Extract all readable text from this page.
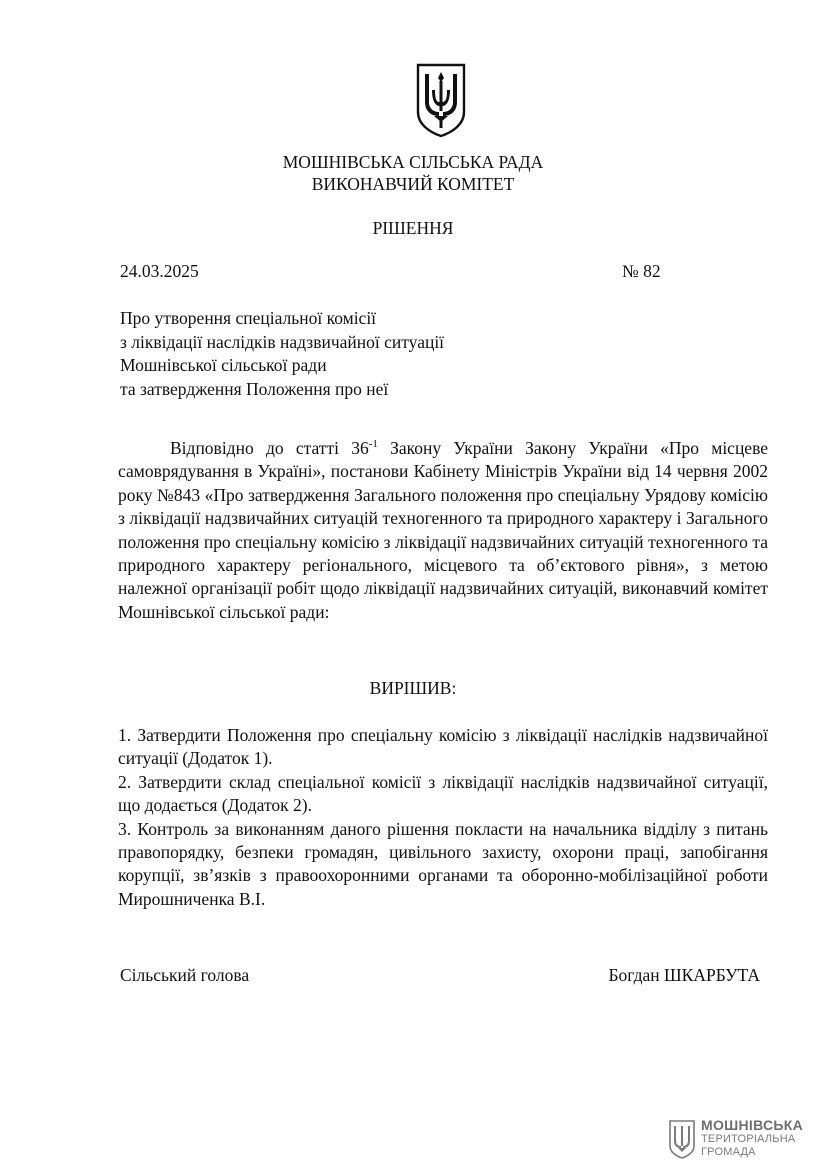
МОШНІВСЬКА СІЛЬСЬКА РАДА
ВИКОНАВЧИЙ КОМІТЕТ
РІШЕННЯ
24.03.2025	№ 82
Про утворення спеціальної комісії
з ліквідації наслідків надзвичайної ситуації
Мошнівської сільської ради
та затвердження Положення про неї
Відповідно до статті $36^{-1}$ Закону України Закону України «Про місцеве самоврядування в Україні», постанови Кабінету Міністрів України від 14 червня 2002 року №843 «Про затвердження Загального положення про спеціальну Урядову комісію з ліквідації надзвичайних ситуацій техногенного та природного характеру і Загального положення про спеціальну комісію з ліквідації надзвичайних ситуацій техногенного та природного характеру регіонального, місцевого та об’єктового рівня», з метою належної організації робіт щодо ліквідації надзвичайних ситуацій, виконавчий комітет Мошнівської сільської ради:
ВИРІШИВ:

1. Затвердити Положення про спеціальну комісію з ліквідації наслідків надзвичайної ситуації (Додаток 1).

2. Затвердити склад спеціальної комісії з ліквідації наслідків надзвичайної ситуації, що додається (Додаток 2).

3. Контроль за виконанням даного рішення покласти на начальника відділу з питань правопорядку, безпеки громадян, цивільного захисту, охорони праці, запобігання корупції, зв’язків з правоохоронними органами та оборонно-мобілізаційної роботи Мирошниченка В.І.

Сільський голова	Богдан ШКАРБУТА
МОШНІВСЬКА
ТЕРИТОРІАЛЬНА
ГРОМАДА
